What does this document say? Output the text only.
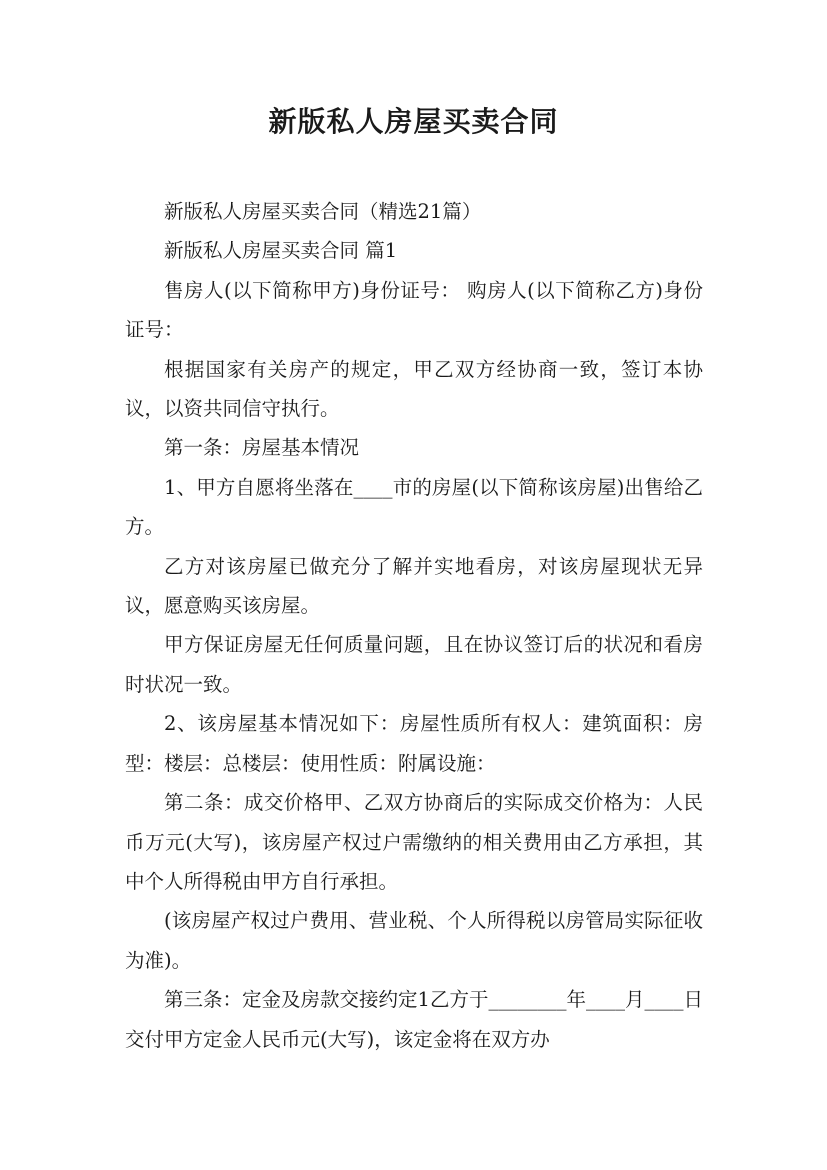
新版私人房屋买卖合同

新版私人房屋买卖合同（精选21篇）

新版私人房屋买卖合同 篇1

售房人(以下简称甲方)身份证号： 购房人(以下简称乙方)身份证号：

根据国家有关房产的规定，甲乙双方经协商一致，签订本协议，以资共同信守执行。

第一条：房屋基本情况

1、甲方自愿将坐落在____市的房屋(以下简称该房屋)出售给乙方。

乙方对该房屋已做充分了解并实地看房，对该房屋现状无异议，愿意购买该房屋。

甲方保证房屋无任何质量问题，且在协议签订后的状况和看房时状况一致。

2、该房屋基本情况如下：房屋性质所有权人：建筑面积：房型：楼层：总楼层：使用性质：附属设施：

第二条：成交价格甲、乙双方协商后的实际成交价格为：人民币万元(大写)，该房屋产权过户需缴纳的相关费用由乙方承担，其中个人所得税由甲方自行承担。

(该房屋产权过户费用、营业税、个人所得税以房管局实际征收为准)。

第三条：定金及房款交接约定1乙方于________年____月____日交付甲方定金人民币元(大写)，该定金将在双方办
